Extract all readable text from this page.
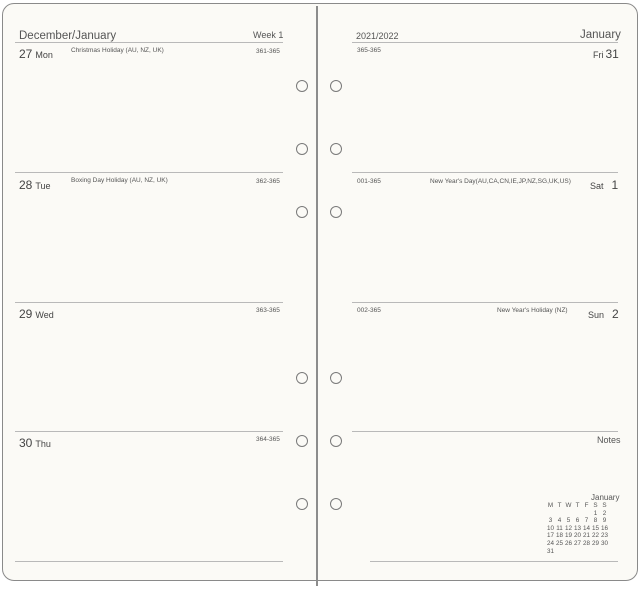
December/January	Week 1
27 Mon	Christmas Holiday (AU, NZ, UK)	361-365
28 Tue
Boxing Day Holiday (AU, NZ, UK)	362-365
29 Wed	363-365
30 Thu	364-365
2021/2022	January
365-365	Fri 31
001-365	New Year's Day(AU,CA,CN,IE,JP,NZ,SG,UK,US) Sat 1
002-365	New Year's Holiday (NZ) Sun 2
Notes
January
M	T	W	T	F	S	S
					1	2
3	4	5	6	7	8	9
10	11	12	13	14	15	16
17	18	19	20	21	22	23
24	25	26	27	28	29	30
31						
